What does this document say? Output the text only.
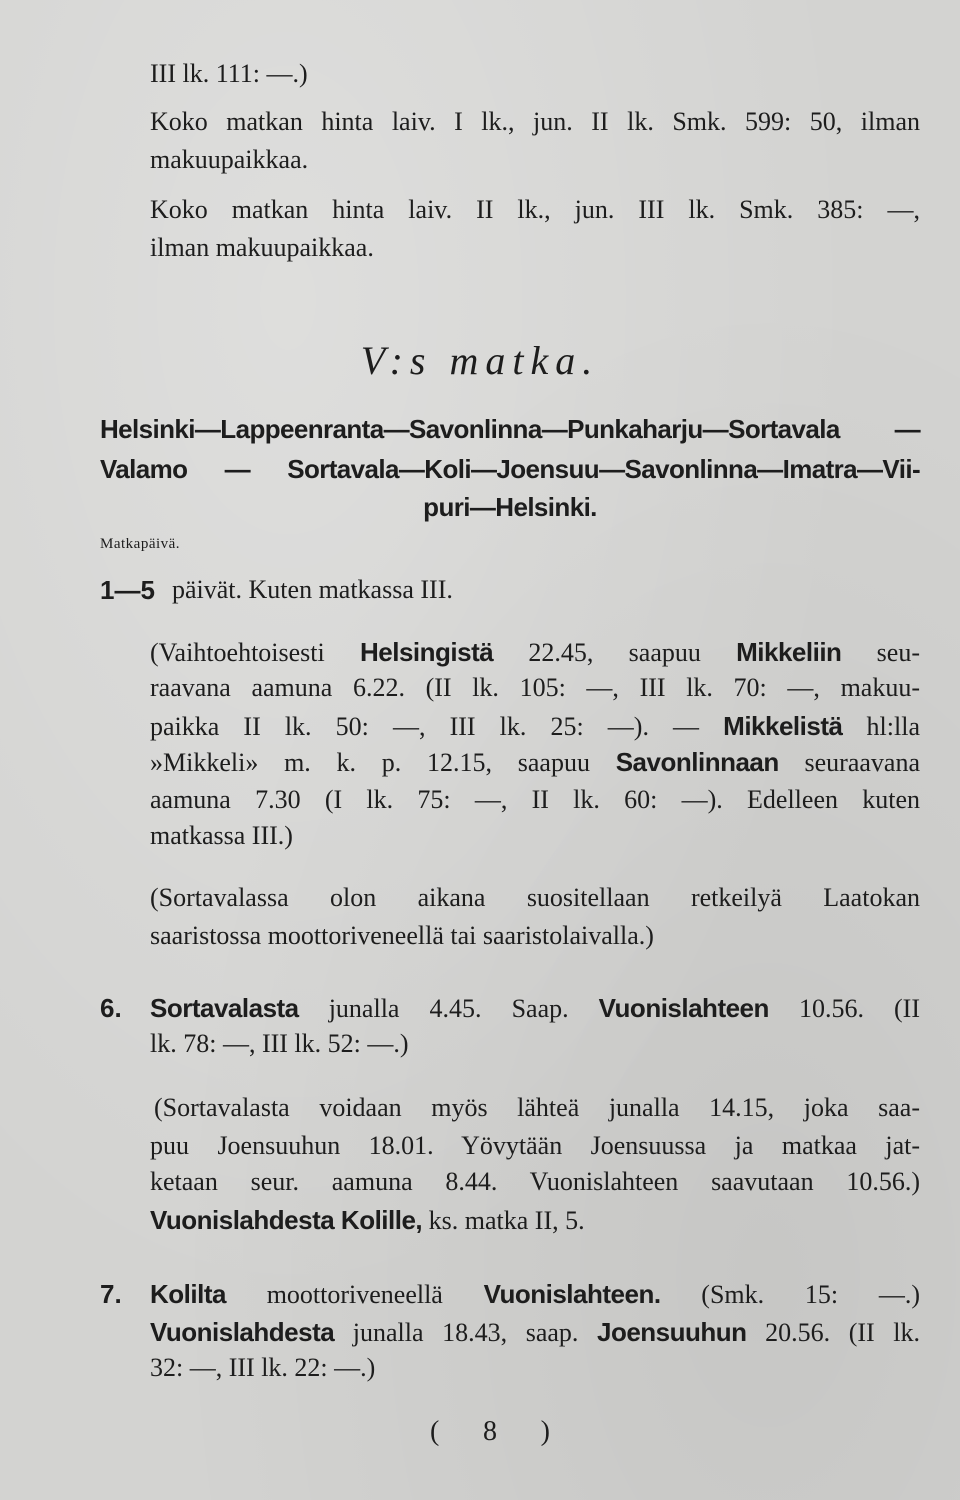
III lk. 111: —.)
Koko matkan hinta laiv. I lk., jun. II lk. Smk. 599: 50, ilman
makuupaikkaa.
Koko matkan hinta laiv. II lk., jun. III lk. Smk. 385: —,
ilman makuupaikkaa.
V:s matka.
Helsinki—Lappeenranta—Savonlinna—Punkaharju—Sortavala —
Valamo — Sortavala—Koli—Joensuu—Savonlinna—Imatra—Vii-
puri—Helsinki.
Matkapäivä.
1—5 päivät. Kuten matkassa III.
(Vaihtoehtoisesti Helsingistä 22.45, saapuu Mikkeliin seu-
raavana aamuna 6.22. (II lk. 105: —, III lk. 70: —, makuu-
paikka II lk. 50: —, III lk. 25: —). — Mikkelistä hl:lla
»Mikkeli» m. k. p. 12.15, saapuu Savonlinnaan seuraavana
aamuna 7.30 (I lk. 75: —, II lk. 60: —). Edelleen kuten
matkassa III.)
(Sortavalassa olon aikana suositellaan retkeilyä Laatokan
saaristossa moottoriveneellä tai saaristolaivalla.)
6. Sortavalasta junalla 4.45. Saap. Vuonislahteen 10.56. (II
lk. 78: —, III lk. 52: —.)
(Sortavalasta voidaan myös lähteä junalla 14.15, joka saa-
puu Joensuuhun 18.01. Yövytään Joensuussa ja matkaa jat-
ketaan seur. aamuna 8.44. Vuonislahteen saavutaan 10.56.)
Vuonislahdesta Kolille, ks. matka II, 5.
7. Kolilta moottoriveneellä Vuonislahteen. (Smk. 15: —.)
Vuonislahdesta junalla 18.43, saap. Joensuuhun 20.56. (II lk.
32: —, III lk. 22: —.)
( 8 )
